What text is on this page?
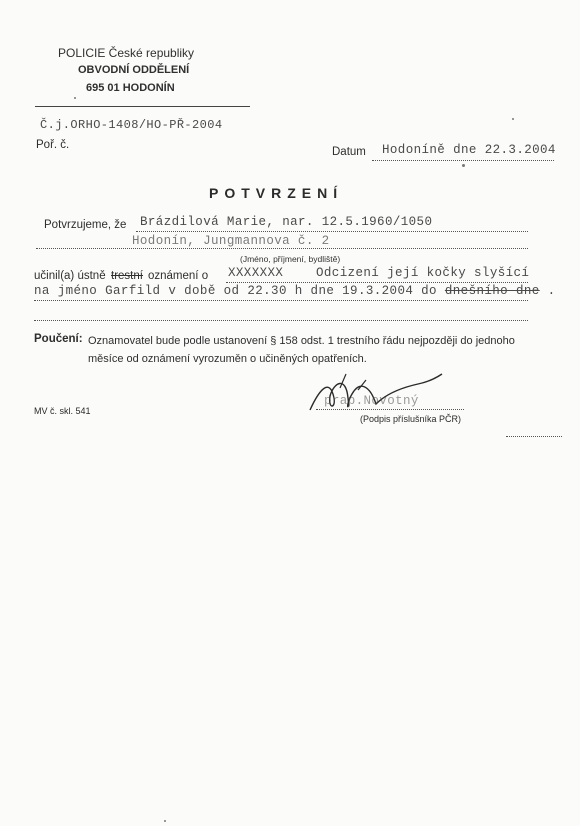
POLICIE České republiky
OBVODNÍ ODDĚLENÍ
695 01 HODONÍN
Č.j.ORHO-1408/HO-PŘ-2004
Poř. č.
Datum Hodoníně dne 22.3.2004
POTVRZENÍ
Potvrzujeme, že Brázdilová Marie, nar. 12.5.1960/1050
Hodonín, Jungmannova č. 2
(Jméno, příjmení, bydliště)
učinil(a) ústně trestní oznámení o XXXXXXX	Odcizení její kočky slyšící
na jméno Garfild v době od 22.30 h dne 19.3.2004 do dnešního dne .
Poučení: Oznamovatel bude podle ustanovení § 158 odst. 1 trestního řádu nejpozději do jednoho
měsíce od oznámení vyrozuměn o učiněných opatřeních.
MV č. skl. 541
prap.Novotný
(Podpis příslušníka PČR)
